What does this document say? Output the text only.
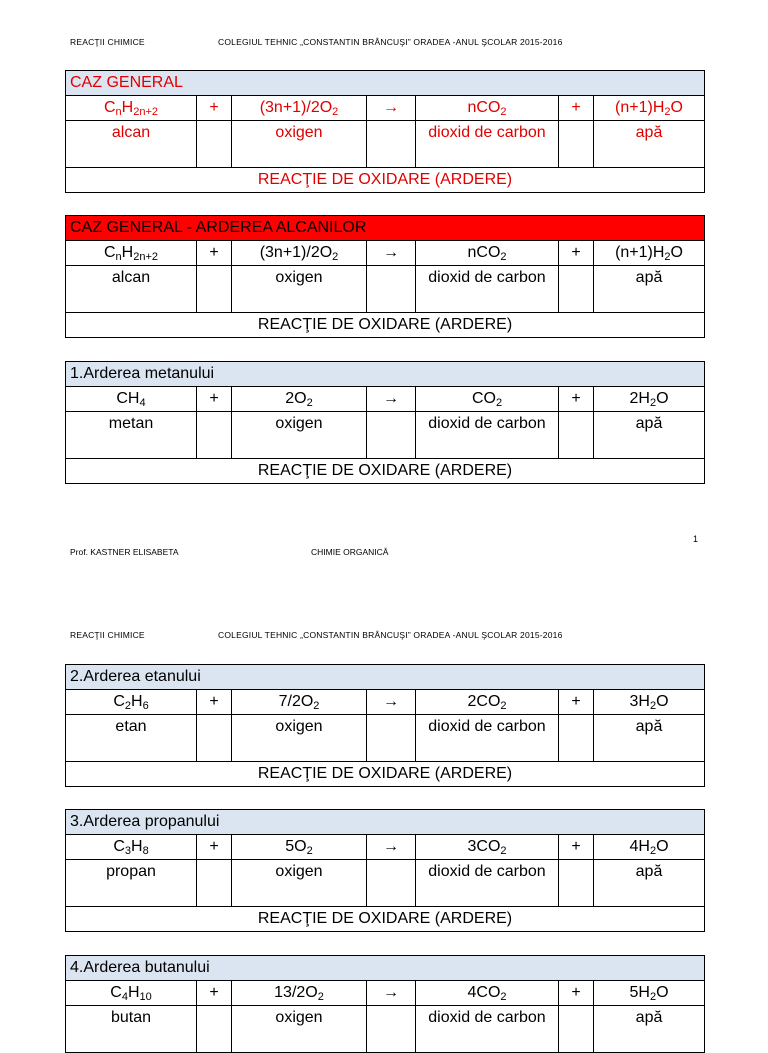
REACŢII CHIMICE	COLEGIUL TEHNIC „CONSTANTIN BRÂNCUŞI” ORADEA -ANUL ŞCOLAR 2015-2016
CAZ GENERAL						
$C_nH_{2n+2}$	+	$(3n+1)/2O_2$	→	nCO$_2$	+	$(n+1)H_2O$
alcan		oxigen		dioxid de carbon		apă
REACŢIE DE OXIDARE (ARDERE)						
CAZ GENERAL - ARDEREA ALCANILOR						
$C_nH_{2n+2}$	+	$(3n+1)/2O_2$	→	nCO$_2$	+	$(n+1)H_2O$
alcan		oxigen		dioxid de carbon		apă
REACŢIE DE OXIDARE (ARDERE)						
1.Arderea metanului						
$CH_4$	+	$2O_2$	→	$CO_2$	+	$2H_2O$
metan		oxigen		dioxid de carbon		apă
REACŢIE DE OXIDARE (ARDERE)						
1
Prof. KASTNER ELISABETA	CHIMIE ORGANICĂ
REACŢII CHIMICE	COLEGIUL TEHNIC „CONSTANTIN BRÂNCUŞI” ORADEA -ANUL ŞCOLAR 2015-2016
2.Arderea etanului						
$C_2H_6$	+	$7/2O_2$	→	$2CO_2$	+	$3H_2O$
etan		oxigen		dioxid de carbon		apă
REACŢIE DE OXIDARE (ARDERE)						
3.Arderea propanului						
$C_3H_8$	+	$5O_2$	→	$3CO_2$	+	$4H_2O$
propan		oxigen		dioxid de carbon		apă
REACŢIE DE OXIDARE (ARDERE)						
4.Arderea butanului						
$C_4H_{10}$	+	$13/2O_2$	→	$4CO_2$	+	$5H_2O$
butan		oxigen		dioxid de carbon		apă
